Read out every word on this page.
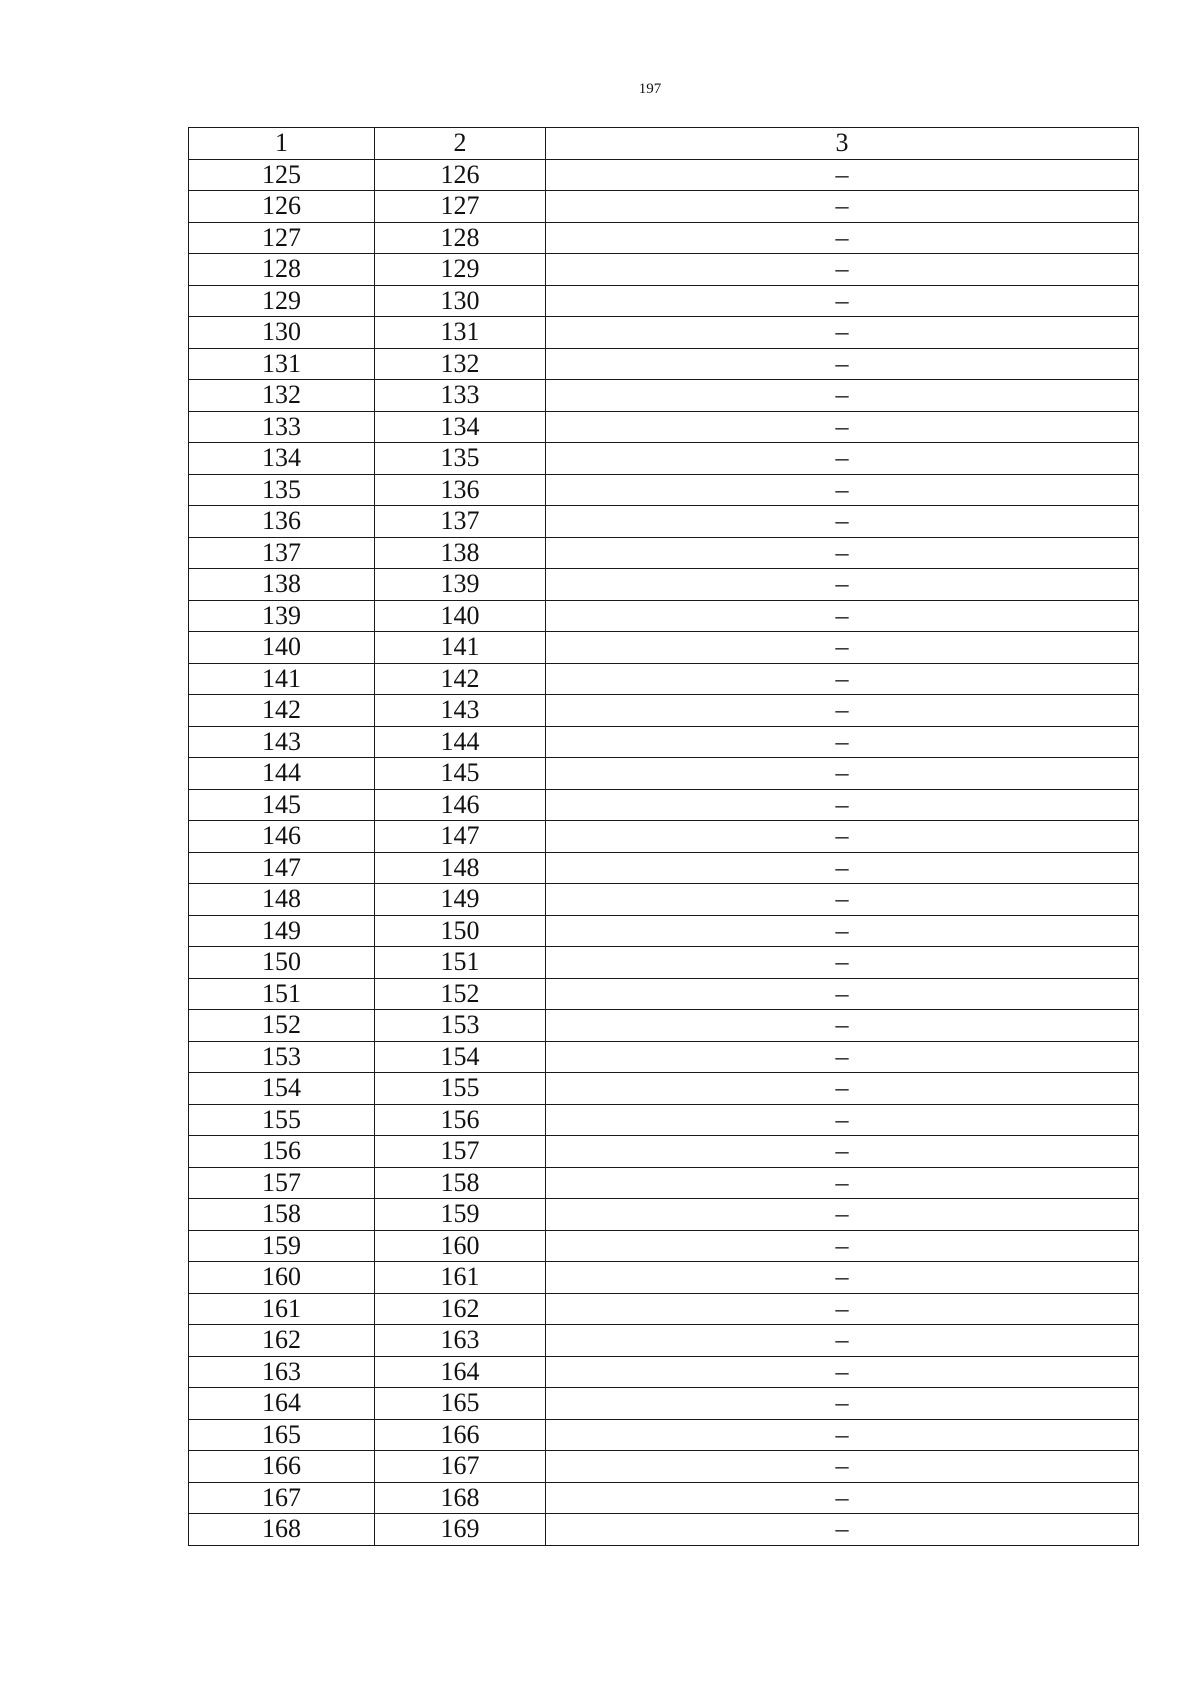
197
1	2	3
125	126	–
126	127	–
127	128	–
128	129	–
129	130	–
130	131	–
131	132	–
132	133	–
133	134	–
134	135	–
135	136	–
136	137	–
137	138	–
138	139	–
139	140	–
140	141	–
141	142	–
142	143	–
143	144	–
144	145	–
145	146	–
146	147	–
147	148	–
148	149	–
149	150	–
150	151	–
151	152	–
152	153	–
153	154	–
154	155	–
155	156	–
156	157	–
157	158	–
158	159	–
159	160	–
160	161	–
161	162	–
162	163	–
163	164	–
164	165	–
165	166	–
166	167	–
167	168	–
168	169	–
